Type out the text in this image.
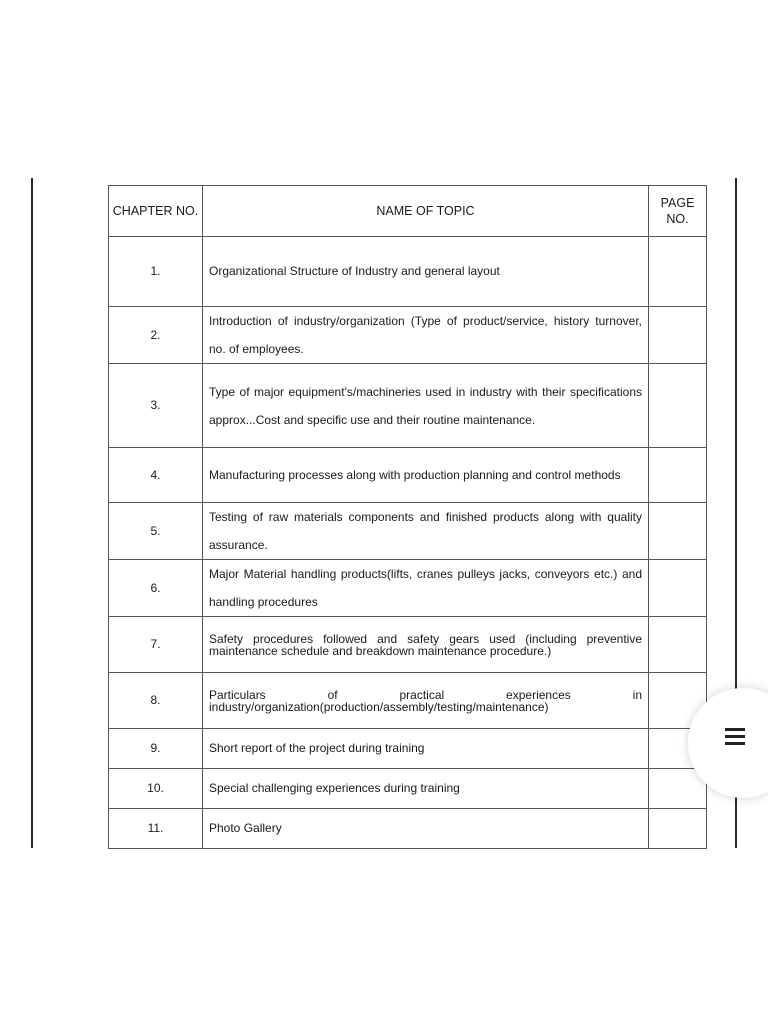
CHAPTER NO.	NAME OF TOPIC	PAGE NO.
1.	Organizational Structure of Industry and general layout	
2.	Introduction of industry/organization (Type of product/service, history turnover, no. of employees.	
3.	Type of major equipment's/machineries used in industry with their specifications approx...Cost and specific use and their routine maintenance.	
4.	Manufacturing processes along with production planning and control methods	
5.	Testing of raw materials components and finished products along with quality assurance.	
6.	Major Material handling products(lifts, cranes pulleys jacks, conveyors etc.) and handling procedures	
7.	Safety procedures followed and safety gears used (including preventive maintenance schedule and breakdown maintenance procedure.)	
8.	Particulars of practical experiences in industry/organization(production/assembly/testing/maintenance)	
9.	Short report of the project during training	
10.	Special challenging experiences during training	
11.	Photo Gallery	
